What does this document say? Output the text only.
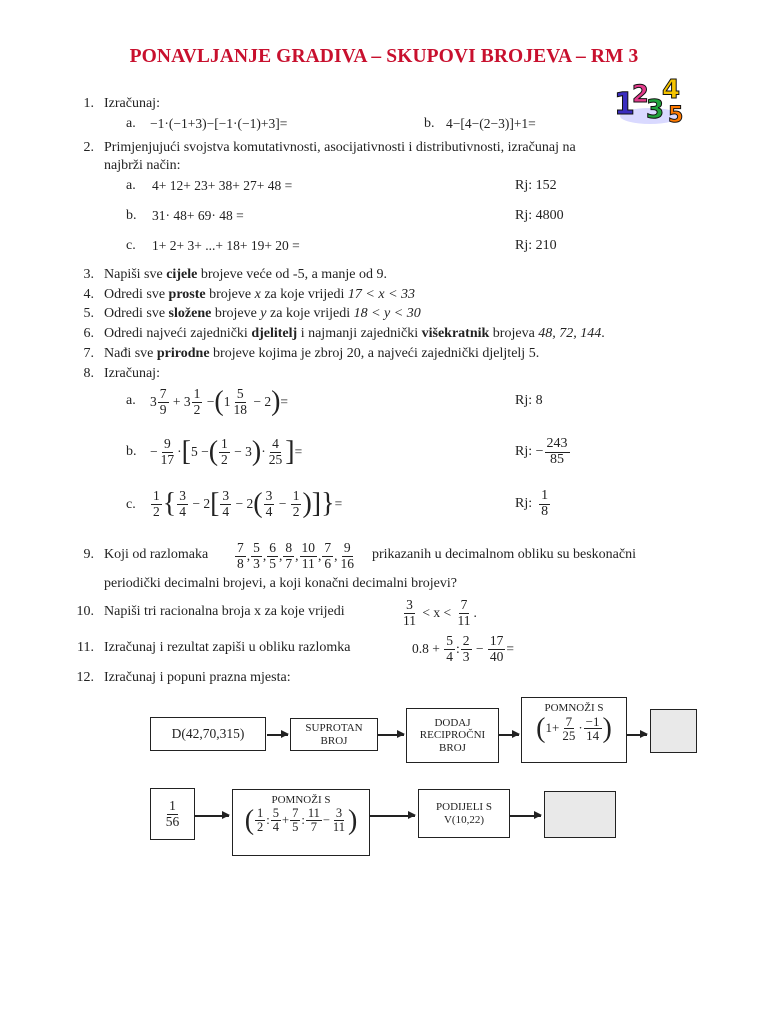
PONAVLJANJE GRADIVA – SKUPOVI BROJEVA – RM 3
1
2
3
4
5
1. Izračunaj:
a. −1·(−1+3)−[−1·(−1)+3]=	b. 4−[4−(2−3)]+1=
2. Primjenjujući svojstva komutativnosti, asocijativnosti i distributivnosti, izračunaj na
najbrži način:
a. 4+ 12+ 23+ 38+ 27+ 48 =	Rj: 152
b. 31· 48+ 69· 48 =	Rj: 4800
c. 1+ 2+ 3+ ...+ 18+ 19+ 20 =	Rj: 210
3. Napiši sve cijele brojeve veće od -5, a manje od 9.
4. Odredi sve proste brojeve x za koje vrijedi 17 < x < 33
5. Odredi sve složene brojeve y za koje vrijedi 18 < y < 30
6. Odredi najveći zajednički djelitelj i najmanji zajednički višekratnik brojeva 48, 72, 144.
7. Nađi sve prirodne brojeve kojima je zbroj 20, a najveći zajednički djeljtelj 5.
8. Izračunaj:
a. $3 \frac{7}{9} + 3 \frac{1}{2}$ − ( $1 \frac{5}{18}$
− 2 ) =	Rj: 8
b. − $\frac{9}{17}$ · [ 5 − ( $\frac{1}{2}$
− 3 ) · $\frac{4}{25}$ ] =	Rj: − $\frac{243}{85}$
c. $\frac{1}{2}$ { $\frac{3}{4}$
− 2 [ $\frac{3}{4}$
− 2 ( $\frac{3}{4} - \frac{1}{2}$ )]} =	Rj: $\frac{1}{8}$
9. Koji od razlomaka $\frac{7}{8}$ , $\frac{5}{3}$ , $\frac{6}{5}$ , $\frac{8}{7}$ , $\frac{10}{11}$ , $\frac{7}{6}$ , $\frac{9}{16}$ prikazanih u decimalnom obliku su beskonačni
periodički decimalni brojevi, a koji konačni decimalni brojevi?
10. Napiši tri racionalna broja x za koje vrijedi	$\frac{3}{11}$
< x <
$\frac{7}{11}$ .
11. Izračunaj i rezultat zapiši u obliku razlomka	0.8 +
$\frac{5}{4}$ : $\frac{2}{3}$
−
$\frac{17}{40}$ =
12. Izračunaj i popuni prazna mjesta:
D(42,70,315)	SUPROTAN
BROJ
DODAJ
RECIPROČNI
BROJ
POMNOŽI S
( $1+ \frac{7}{25} \cdot \frac{-1}{14}$ )
$\frac{1}{56}$	POMNOŽI S
( $\frac{1}{2}$ : $\frac{5}{4} + \frac{7}{5}$ : $\frac{11}{7} - \frac{3}{11}$ )	PODIJELI S
V(10,22)
